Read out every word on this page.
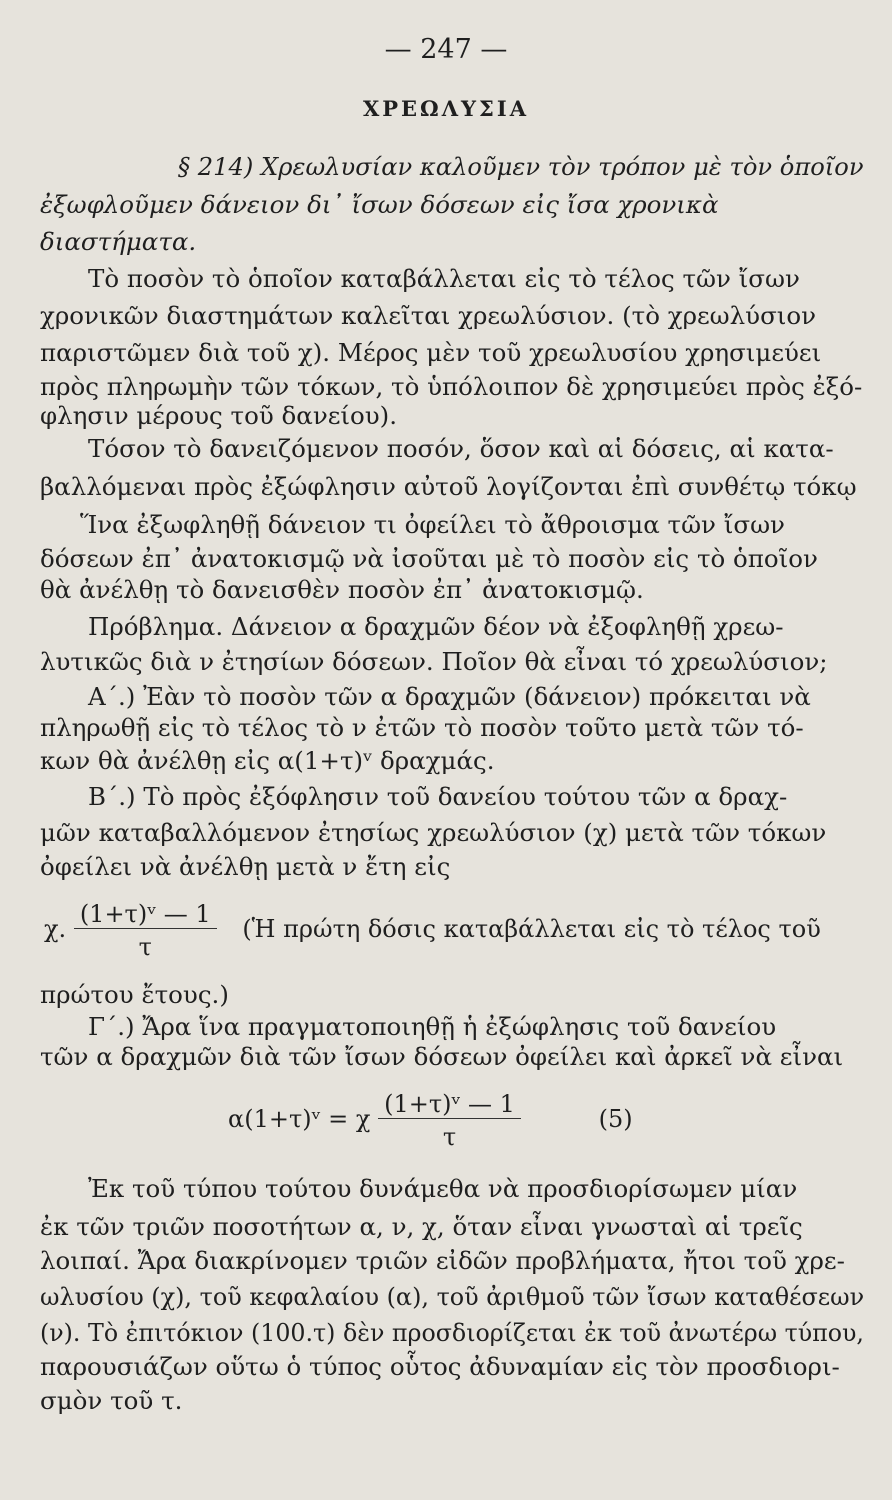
— 247 —
ΧΡΕΩΛΥΣΙΑ
§ 214) Χρεωλυσίαν καλοῦμεν τὸν τρόπον μὲ τὸν ὁποῖον
ἐξωφλοῦμεν δάνειον δι᾿ ἴσων δόσεων εἰς ἴσα χρονικὰ
διαστήματα.
Τὸ ποσὸν τὸ ὁποῖον καταβάλλεται εἰς τὸ τέλος τῶν ἴσων
χρονικῶν διαστημάτων καλεῖται χρεωλύσιον. (τὸ χρεωλύσιον
παριστῶμεν διὰ τοῦ χ). Μέρος μὲν τοῦ χρεωλυσίου χρησιμεύει
πρὸς πληρωμὴν τῶν τόκων, τὸ ὑπόλοιπον δὲ χρησιμεύει πρὸς ἐξό-
φλησιν μέρους τοῦ δανείου).
Τόσον τὸ δανειζόμενον ποσόν, ὅσον καὶ αἱ δόσεις, αἱ κατα-
βαλλόμεναι πρὸς ἐξώφλησιν αὐτοῦ λογίζονται ἐπὶ συνθέτῳ τόκῳ
Ἵνα ἐξωφληθῇ δάνειον τι ὀφείλει τὸ ἄθροισμα τῶν ἴσων
δόσεων ἐπ᾿ ἀνατοκισμῷ νὰ ἰσοῦται μὲ τὸ ποσὸν εἰς τὸ ὁποῖον
θὰ ἀνέλθῃ τὸ δανεισθὲν ποσὸν ἐπ᾿ ἀνατοκισμῷ.
Πρόβλημα. Δάνειον α δραχμῶν δέον νὰ ἐξοφληθῇ χρεω-
λυτικῶς διὰ ν ἐτησίων δόσεων. Ποῖον θὰ εἶναι τό χρεωλύσιον;
Α΄.) Ἐὰν τὸ ποσὸν τῶν α δραχμῶν (δάνειον) πρόκειται νὰ
πληρωθῇ εἰς τὸ τέλος τὸ ν ἐτῶν τὸ ποσὸν τοῦτο μετὰ τῶν τό-
κων θὰ ἀνέλθῃ εἰς α(1+τ)ᵛ δραχμάς.
Β΄.) Τὸ πρὸς ἐξόφλησιν τοῦ δανείου τούτου τῶν α δραχ-
μῶν καταβαλλόμενον ἐτησίως χρεωλύσιον (χ) μετὰ τῶν τόκων
ὀφείλει νὰ ἀνέλθῃ μετὰ ν ἔτη εἰς
χ. $\frac{\text{(1+τ)ᵛ — 1}}{\tau}$ (Ἡ πρώτη δόσις καταβάλλεται εἰς τὸ τέλος τοῦ
πρώτου ἔτους.)
Γ΄.) Ἄρα ἵνα πραγματοποιηθῇ ἡ ἐξώφλησις τοῦ δανείου
τῶν α δραχμῶν διὰ τῶν ἴσων δόσεων ὀφείλει καὶ ἀρκεῖ νὰ εἶναι
α(1+τ)ᵛ = χ $\frac{\text{(1+τ)ᵛ — 1}}{\tau}$	(5)
Ἐκ τοῦ τύπου τούτου δυνάμεθα νὰ προσδιορίσωμεν μίαν
ἐκ τῶν τριῶν ποσοτήτων α, ν, χ, ὅταν εἶναι γνωσταὶ αἱ τρεῖς
λοιπαί. Ἄρα διακρίνομεν τριῶν εἰδῶν προβλήματα, ἤτοι τοῦ χρε-
ωλυσίου (χ), τοῦ κεφαλαίου (α), τοῦ ἀριθμοῦ τῶν ἴσων καταθέσεων
(ν). Τὸ ἐπιτόκιον (100.τ) δὲν προσδιορίζεται ἐκ τοῦ ἀνωτέρω τύπου,
παρουσιάζων οὕτω ὁ τύπος οὗτος ἀδυναμίαν εἰς τὸν προσδιορι-
σμὸν τοῦ τ.
